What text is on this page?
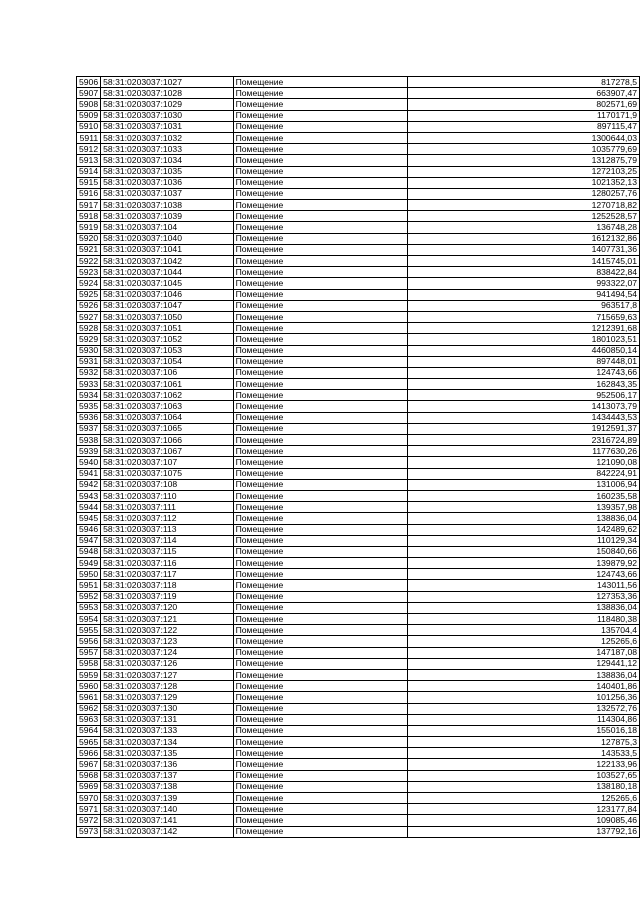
5906	58:31:0203037:1027	Помещение	817278,5
5907	58:31:0203037:1028	Помещение	663907,47
5908	58:31:0203037:1029	Помещение	802571,69
5909	58:31:0203037:1030	Помещение	1170171,9
5910	58:31:0203037:1031	Помещение	897115,47
5911	58:31:0203037:1032	Помещение	1300644,03
5912	58:31:0203037:1033	Помещение	1035779,69
5913	58:31:0203037:1034	Помещение	1312875,79
5914	58:31:0203037:1035	Помещение	1272103,25
5915	58:31:0203037:1036	Помещение	1021352,13
5916	58:31:0203037:1037	Помещение	1280257,76
5917	58:31:0203037:1038	Помещение	1270718,82
5918	58:31:0203037:1039	Помещение	1252528,57
5919	58:31:0203037:104	Помещение	136748,28
5920	58:31:0203037:1040	Помещение	1612132,86
5921	58:31:0203037:1041	Помещение	1407731,36
5922	58:31:0203037:1042	Помещение	1415745,01
5923	58:31:0203037:1044	Помещение	838422,84
5924	58:31:0203037:1045	Помещение	993322,07
5925	58:31:0203037:1046	Помещение	941494,54
5926	58:31:0203037:1047	Помещение	963517,8
5927	58:31:0203037:1050	Помещение	715659,63
5928	58:31:0203037:1051	Помещение	1212391,68
5929	58:31:0203037:1052	Помещение	1801023,51
5930	58:31:0203037:1053	Помещение	4460850,14
5931	58:31:0203037:1054	Помещение	897448,01
5932	58:31:0203037:106	Помещение	124743,66
5933	58:31:0203037:1061	Помещение	162843,35
5934	58:31:0203037:1062	Помещение	952506,17
5935	58:31:0203037:1063	Помещение	1413073,79
5936	58:31:0203037:1064	Помещение	1434443,53
5937	58:31:0203037:1065	Помещение	1912591,37
5938	58:31:0203037:1066	Помещение	2316724,89
5939	58:31:0203037:1067	Помещение	1177630,26
5940	58:31:0203037:107	Помещение	121090,08
5941	58:31:0203037:1075	Помещение	842224,91
5942	58:31:0203037:108	Помещение	131006,94
5943	58:31:0203037:110	Помещение	160235,58
5944	58:31:0203037:111	Помещение	139357,98
5945	58:31:0203037:112	Помещение	138836,04
5946	58:31:0203037:113	Помещение	142489,62
5947	58:31:0203037:114	Помещение	110129,34
5948	58:31:0203037:115	Помещение	150840,66
5949	58:31:0203037:116	Помещение	139879,92
5950	58:31:0203037:117	Помещение	124743,66
5951	58:31:0203037:118	Помещение	143011,56
5952	58:31:0203037:119	Помещение	127353,36
5953	58:31:0203037:120	Помещение	138836,04
5954	58:31:0203037:121	Помещение	118480,38
5955	58:31:0203037:122	Помещение	135704,4
5956	58:31:0203037:123	Помещение	125265,6
5957	58:31:0203037:124	Помещение	147187,08
5958	58:31:0203037:126	Помещение	129441,12
5959	58:31:0203037:127	Помещение	138836,04
5960	58:31:0203037:128	Помещение	140401,86
5961	58:31:0203037:129	Помещение	101256,36
5962	58:31:0203037:130	Помещение	132572,76
5963	58:31:0203037:131	Помещение	114304,86
5964	58:31:0203037:133	Помещение	155016,18
5965	58:31:0203037:134	Помещение	127875,3
5966	58:31:0203037:135	Помещение	143533,5
5967	58:31:0203037:136	Помещение	122133,96
5968	58:31:0203037:137	Помещение	103527,65
5969	58:31:0203037:138	Помещение	138180,18
5970	58:31:0203037:139	Помещение	125265,6
5971	58:31:0203037:140	Помещение	123177,84
5972	58:31:0203037:141	Помещение	109085,46
5973	58:31:0203037:142	Помещение	137792,16
